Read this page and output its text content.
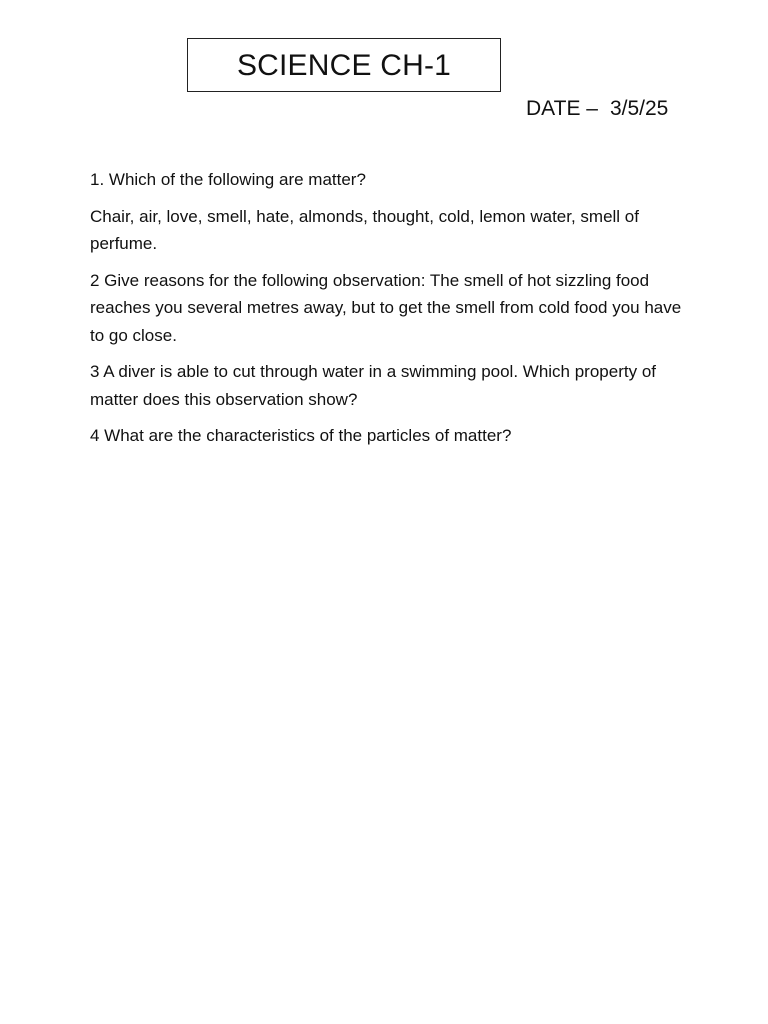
SCIENCE CH-1
DATE – 3/5/25

1. Which of the following are matter?

Chair, air, love, smell, hate, almonds, thought, cold, lemon water, smell of perfume.

2 Give reasons for the following observation: The smell of hot sizzling food reaches you several metres away, but to get the smell from cold food you have to go close.

3 A diver is able to cut through water in a swimming pool. Which property of matter does this observation show?

4 What are the characteristics of the particles of matter?
